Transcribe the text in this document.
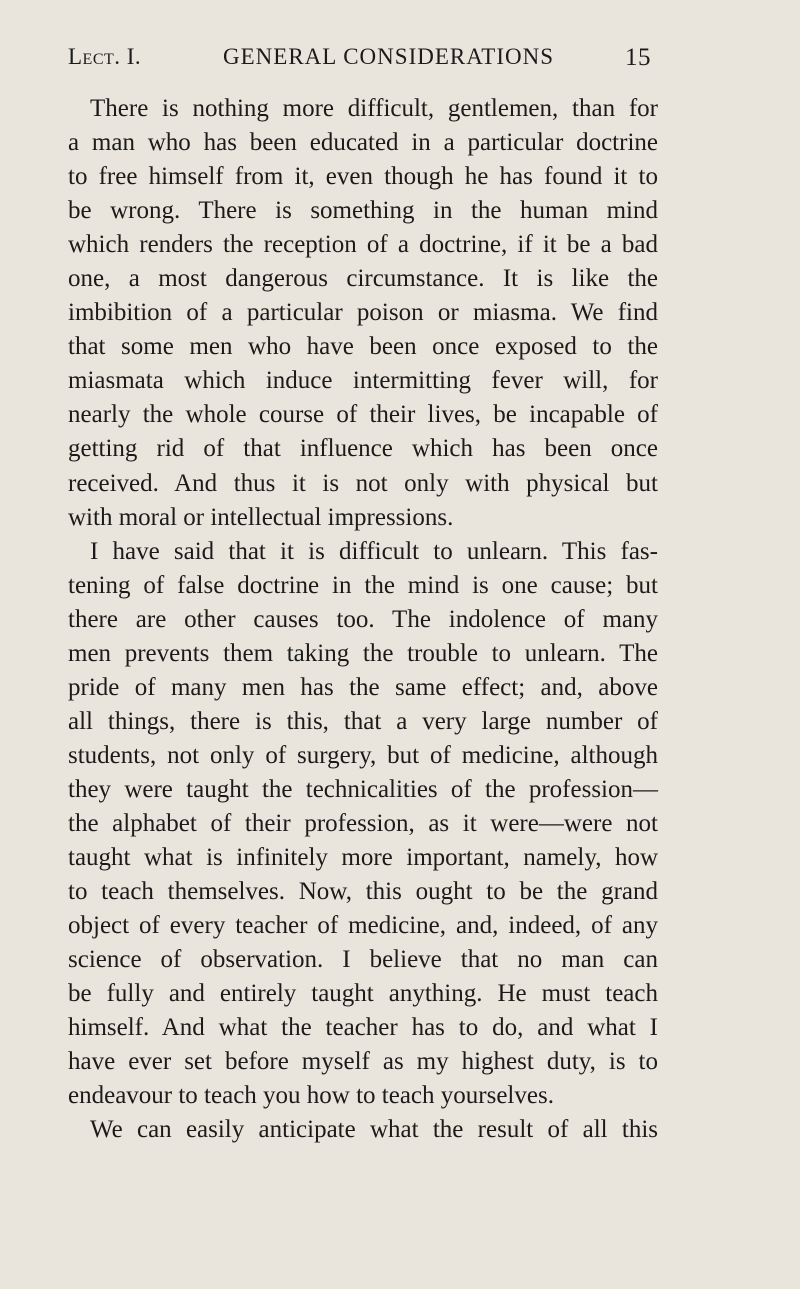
Lect. I.	GENERAL CONSIDERATIONS	15
There is nothing more difficult, gentlemen, than for
a man who has been educated in a particular doctrine
to free himself from it, even though he has found it to
be wrong. There is something in the human mind
which renders the reception of a doctrine, if it be a bad
one, a most dangerous circumstance. It is like the
imbibition of a particular poison or miasma. We find
that some men who have been once exposed to the
miasmata which induce intermitting fever will, for
nearly the whole course of their lives, be incapable of
getting rid of that influence which has been once
received. And thus it is not only with physical but
with moral or intellectual impressions.
I have said that it is difficult to unlearn. This fas-
tening of false doctrine in the mind is one cause; but
there are other causes too. The indolence of many
men prevents them taking the trouble to unlearn. The
pride of many men has the same effect; and, above
all things, there is this, that a very large number of
students, not only of surgery, but of medicine, although
they were taught the technicalities of the profession—
the alphabet of their profession, as it were—were not
taught what is infinitely more important, namely, how
to teach themselves. Now, this ought to be the grand
object of every teacher of medicine, and, indeed, of any
science of observation. I believe that no man can
be fully and entirely taught anything. He must teach
himself. And what the teacher has to do, and what I
have ever set before myself as my highest duty, is to
endeavour to teach you how to teach yourselves.
We can easily anticipate what the result of all this
